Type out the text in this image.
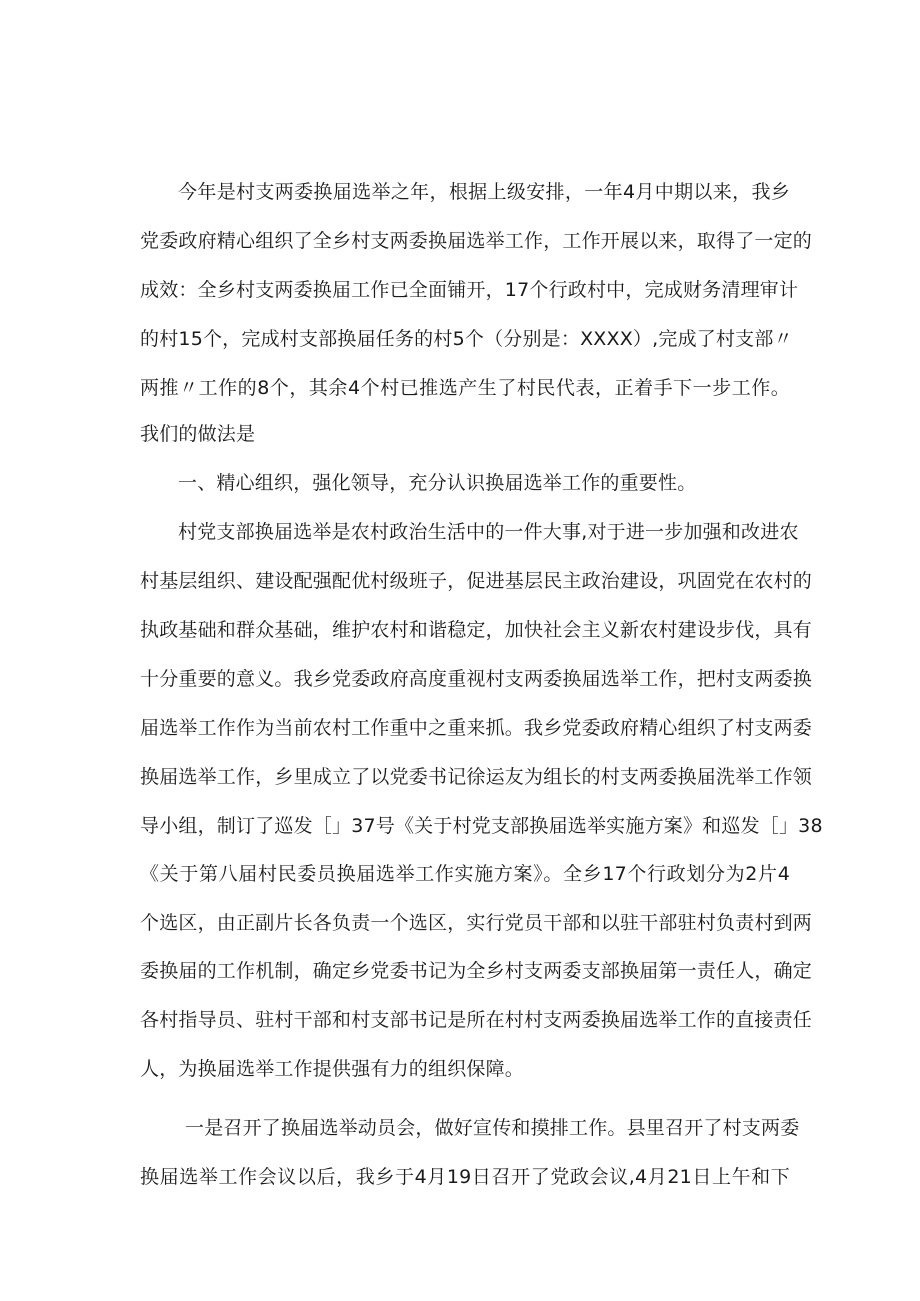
今年是村支两委换届选举之年，根据上级安排，一年4月中期以来，我乡
党委政府精心组织了全乡村支两委换届选举工作，工作开展以来，取得了一定的
成效：全乡村支两委换届工作已全面铺开，17个行政村中，完成财务清理审计
的村15个，完成村支部换届任务的村5个（分别是：XXXX）,完成了村支部〃
两推〃工作的8个，其余4个村已推选产生了村民代表，正着手下一步工作。
我们的做法是
一、精心组织，强化领导，充分认识换届选举工作的重要性。
村党支部换届选举是农村政治生活中的一件大事,对于进一步加强和改进农
村基层组织、建设配强配优村级班子，促进基层民主政治建设，巩固党在农村的
执政基础和群众基础，维护农村和谐稳定，加快社会主义新农村建设步伐，具有
十分重要的意义。我乡党委政府高度重视村支两委换届选举工作，把村支两委换
届选举工作作为当前农村工作重中之重来抓。我乡党委政府精心组织了村支两委
换届选举工作，乡里成立了以党委书记徐运友为组长的村支两委换届洗举工作领
导小组，制订了巡发［」37号《关于村党支部换届选举实施方案》和巡发［」38
《关于第八届村民委员换届选举工作实施方案》。全乡17个行政划分为2片4
个选区，由正副片长各负责一个选区，实行党员干部和以驻干部驻村负责村到两
委换届的工作机制，确定乡党委书记为全乡村支两委支部换届第一责任人，确定
各村指导员、驻村干部和村支部书记是所在村村支两委换届选举工作的直接责任
人，为换届选举工作提供强有力的组织保障。
一是召开了换届选举动员会，做好宣传和摸排工作。县里召开了村支两委
换届选举工作会议以后，我乡于4月19日召开了党政会议,4月21日上午和下
